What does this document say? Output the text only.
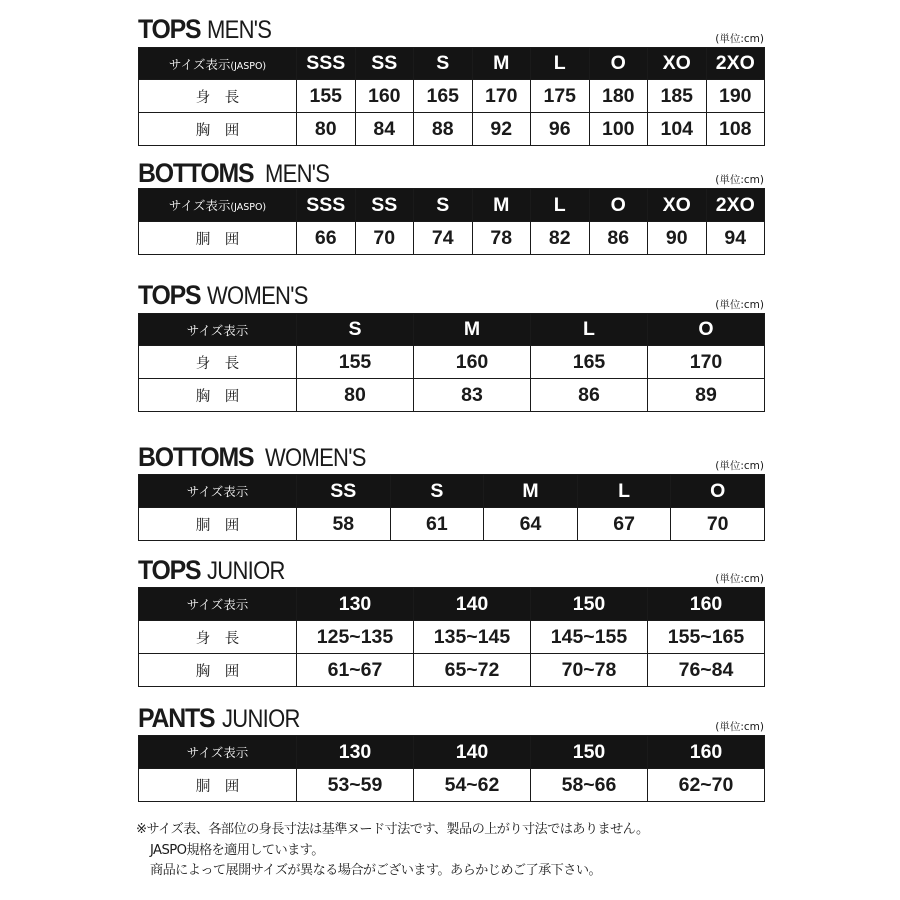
TOPS MEN'S	(単位:cm)
サイズ表示(JASPO)	SSS	SS	S	M	L	O	XO	2XO
身　長	155	160	165	170	175	180	185	190
胸　囲	80	84	88	92	96	100	104	108
BOTTOMS MEN'S	(単位:cm)
サイズ表示(JASPO)	SSS	SS	S	M	L	O	XO	2XO
胴　囲	66	70	74	78	82	86	90	94
TOPS WOMEN'S	(単位:cm)
サイズ表示	S	M	L	O
身　長	155	160	165	170
胸　囲	80	83	86	89
BOTTOMS WOMEN'S	(単位:cm)
サイズ表示	SS	S	M	L	O
胴　囲	58	61	64	67	70
TOPS JUNIOR	(単位:cm)
サイズ表示	130	140	150	160
身　長	125~135	135~145	145~155	155~165
胸　囲	61~67	65~72	70~78	76~84
PANTS JUNIOR	(単位:cm)
サイズ表示	130	140	150	160
胴　囲	53~59	54~62	58~66	62~70
※サイズ表、各部位の身長寸法は基準ヌード寸法です、製品の上がり寸法ではありません。
JASPO規格を適用しています。
商品によって展開サイズが異なる場合がございます。あらかじめご了承下さい。
